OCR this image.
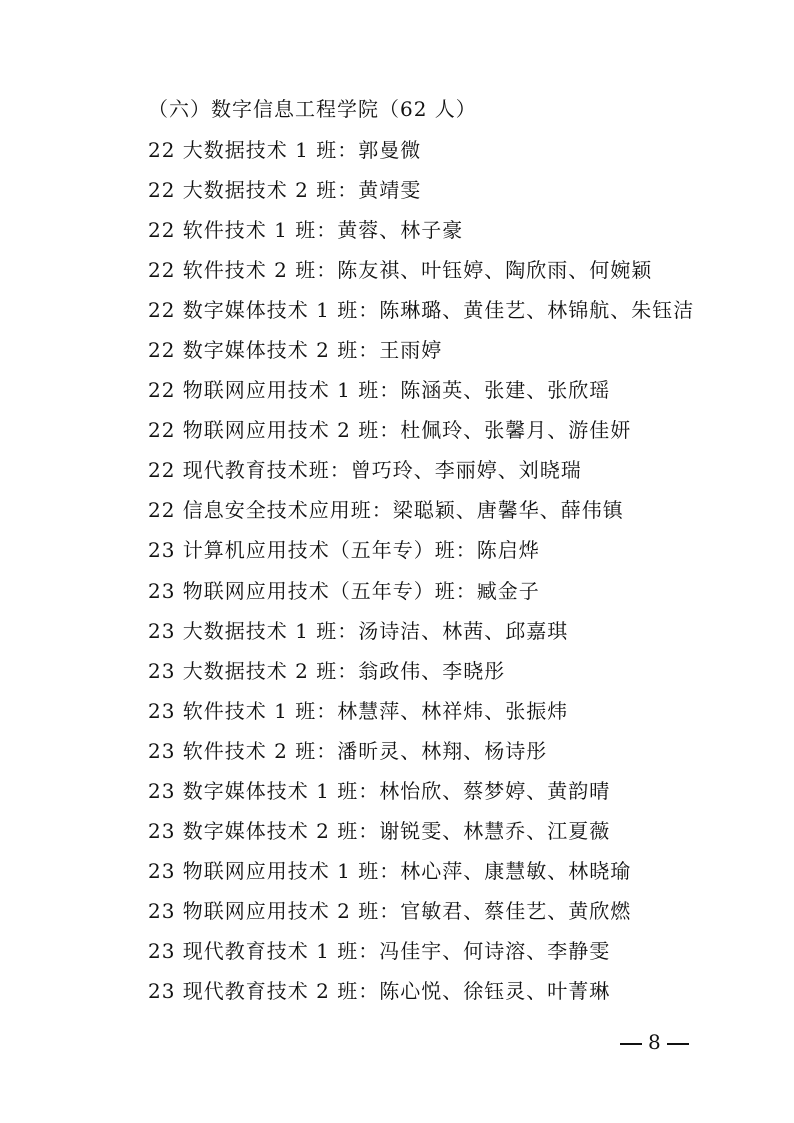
（六）数字信息工程学院（62 人）
22 大数据技术 1 班：郭曼微
22 大数据技术 2 班：黄靖雯
22 软件技术 1 班：黄蓉、林子豪
22 软件技术 2 班：陈友祺、叶钰婷、陶欣雨、何婉颖
22 数字媒体技术 1 班：陈琳璐、黄佳艺、林锦航、朱钰洁
22 数字媒体技术 2 班：王雨婷
22 物联网应用技术 1 班：陈涵英、张建、张欣瑶
22 物联网应用技术 2 班：杜佩玲、张馨月、游佳妍
22 现代教育技术班：曾巧玲、李丽婷、刘晓瑞
22 信息安全技术应用班：梁聪颖、唐馨华、薛伟镇
23 计算机应用技术（五年专）班：陈启烨
23 物联网应用技术（五年专）班：臧金子
23 大数据技术 1 班：汤诗洁、林茜、邱嘉琪
23 大数据技术 2 班：翁政伟、李晓彤
23 软件技术 1 班：林慧萍、林祥炜、张振炜
23 软件技术 2 班：潘昕灵、林翔、杨诗彤
23 数字媒体技术 1 班：林怡欣、蔡梦婷、黄韵晴
23 数字媒体技术 2 班：谢锐雯、林慧乔、江夏薇
23 物联网应用技术 1 班：林心萍、康慧敏、林晓瑜
23 物联网应用技术 2 班：官敏君、蔡佳艺、黄欣燃
23 现代教育技术 1 班：冯佳宇、何诗溶、李静雯
23 现代教育技术 2 班：陈心悦、徐钰灵、叶菁琳
8
